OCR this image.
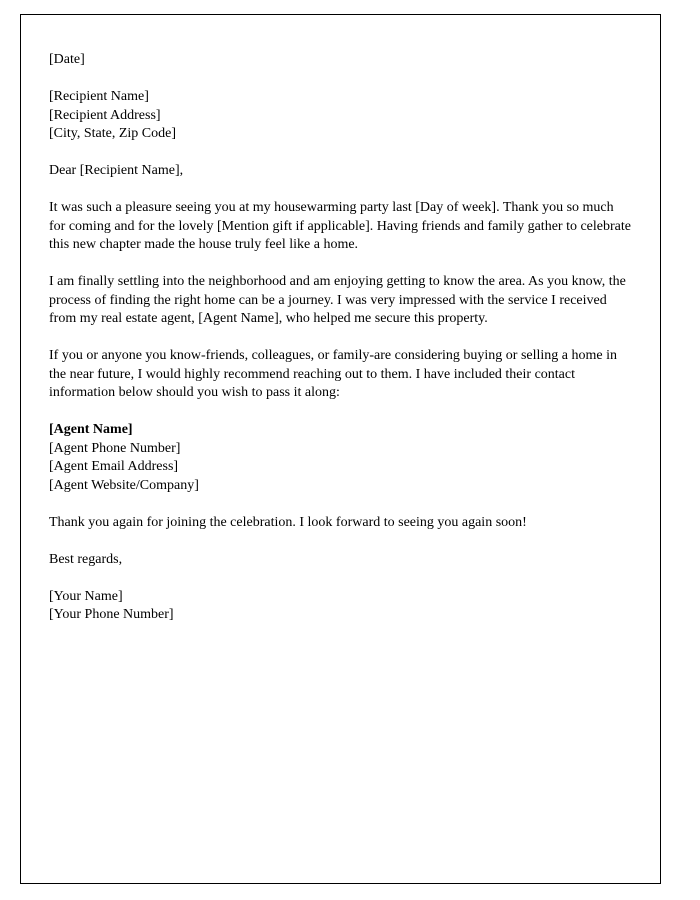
[Date]

[Recipient Name]

[Recipient Address]

[City, State, Zip Code]

Dear [Recipient Name],

It was such a pleasure seeing you at my housewarming party last [Day of week]. Thank you so much for coming and for the lovely [Mention gift if applicable]. Having friends and family gather to celebrate this new chapter made the house truly feel like a home.

I am finally settling into the neighborhood and am enjoying getting to know the area. As you know, the process of finding the right home can be a journey. I was very impressed with the service I received from my real estate agent, [Agent Name], who helped me secure this property.

If you or anyone you know-friends, colleagues, or family-are considering buying or selling a home in the near future, I would highly recommend reaching out to them. I have included their contact information below should you wish to pass it along:

[Agent Name]

[Agent Phone Number]

[Agent Email Address]

[Agent Website/Company]

Thank you again for joining the celebration. I look forward to seeing you again soon!

Best regards,

[Your Name]

[Your Phone Number]
